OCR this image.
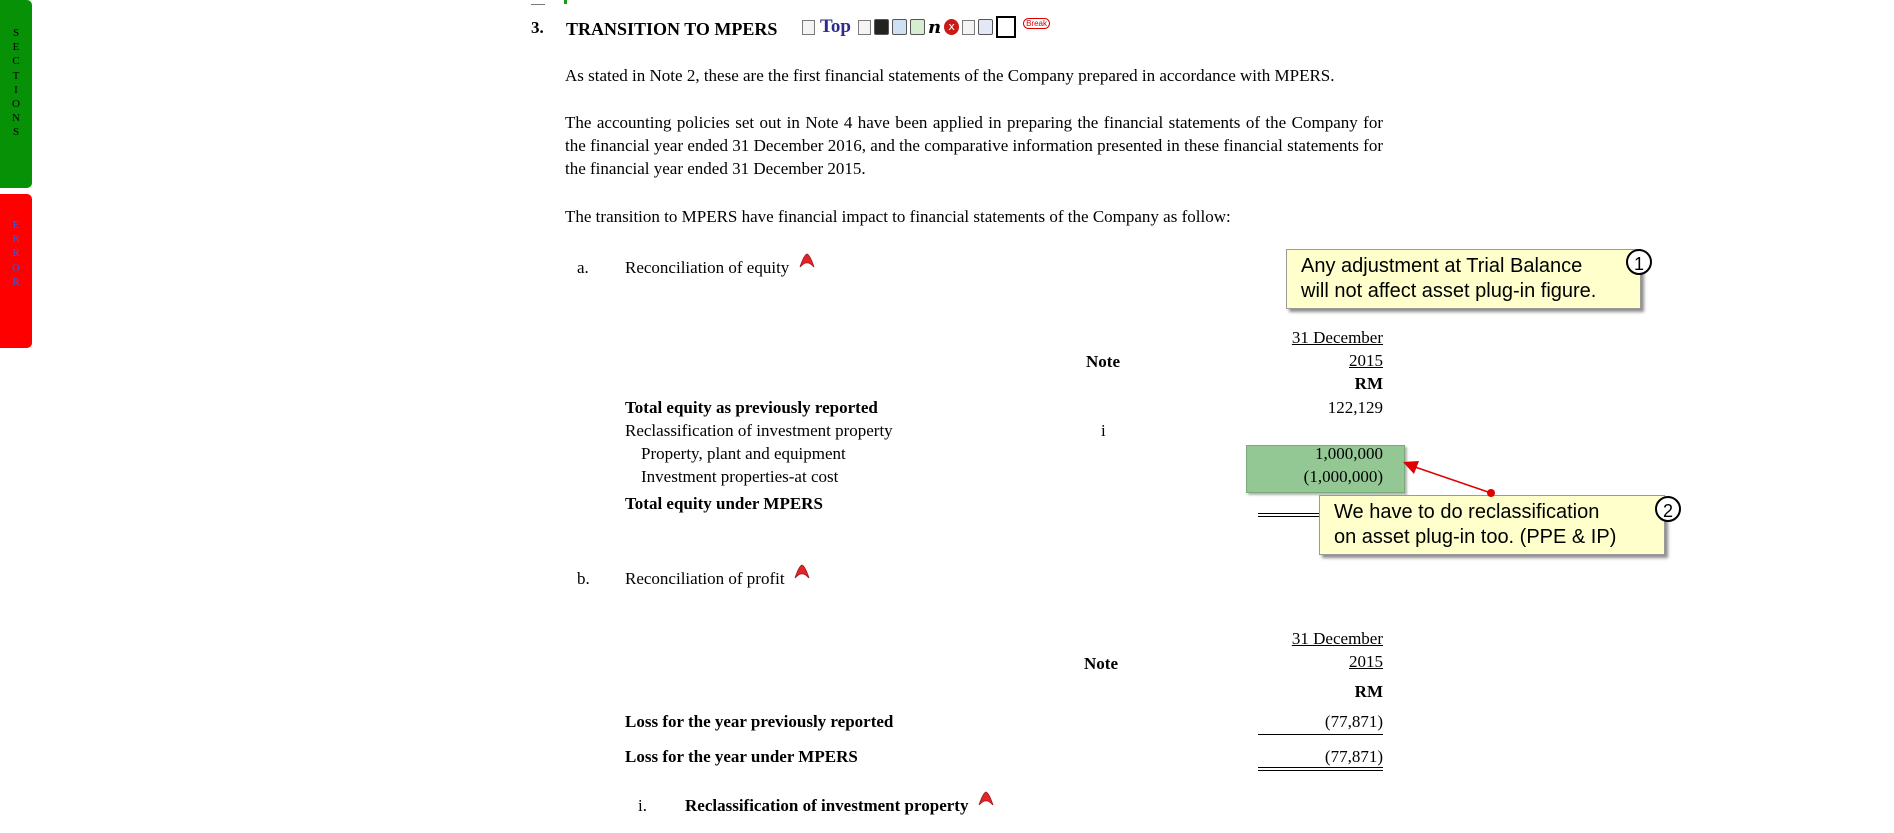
S
E
C
T
I
O
N
S
E
R
R
O
R
3. TRANSITION TO MPERS Top	n x	Break
As stated in Note 2, these are the first financial statements of the Company prepared in accordance with MPERS.
The accounting policies set out in Note 4 have been applied in preparing the financial statements of the Company for the financial year ended 31 December 2016, and the comparative information presented in these financial statements for the financial year ended 31 December 2015.
The transition to MPERS have financial impact to financial statements of the Company as follow:
a. Reconciliation of equity
Note
31 December
2015
RM
Total equity as previously reported	122,129
Reclassification of investment property	i
Property, plant and equipment	1,000,000
Investment properties-at cost	(1,000,000)
Total equity under MPERS
b. Reconciliation of profit
Note
31 December
2015
RM
Loss for the year previously reported	(77,871)
Loss for the year under MPERS	(77,871)
i. Reclassification of investment property
Any adjustment at Trial Balance
will not affect asset plug-in figure.
1
We have to do reclassification
on asset plug-in too. (PPE & IP)
2
